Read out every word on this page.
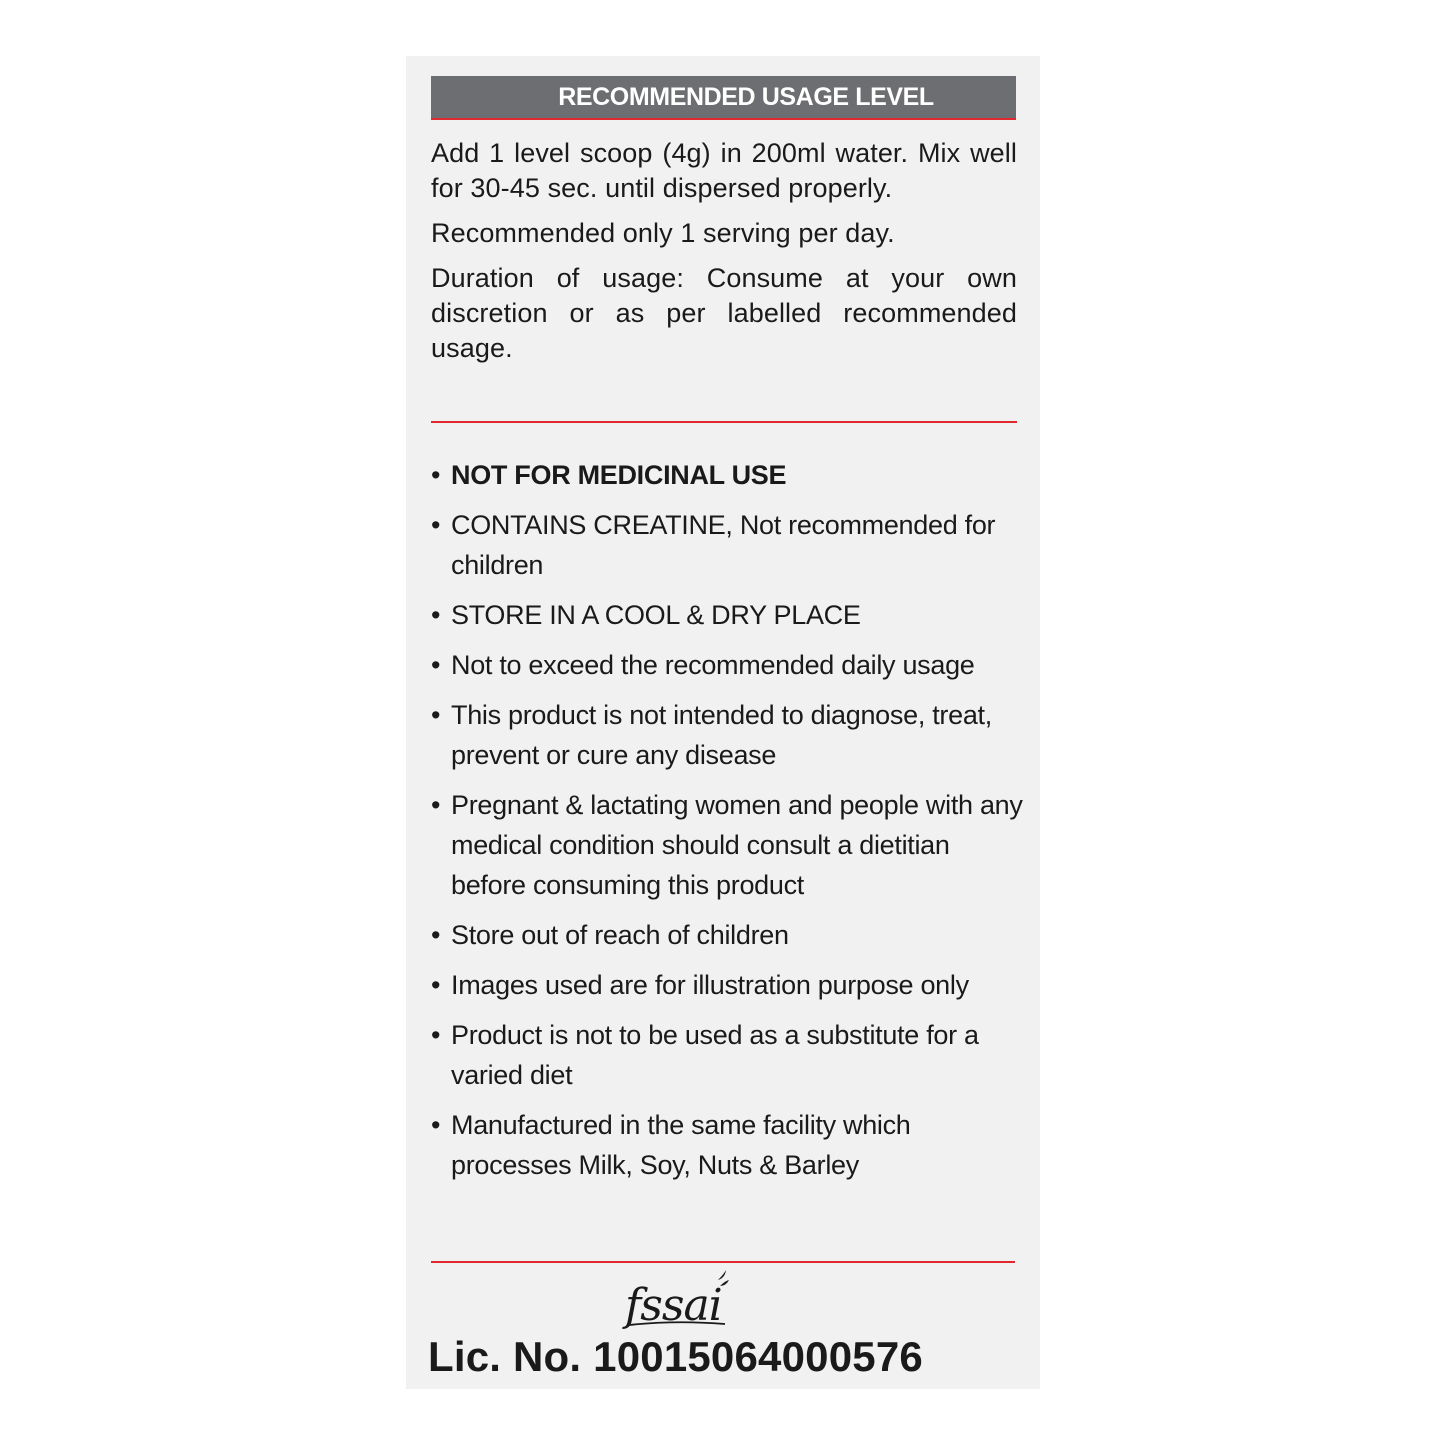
RECOMMENDED USAGE LEVEL

Add 1 level scoop (4g) in 200ml water. Mix well for 30-45 sec. until dispersed properly.

Recommended only 1 serving per day.

Duration of usage: Consume at your own discretion or as per labelled recommended usage.

• NOT FOR MEDICINAL USE
• CONTAINS CREATINE, Not recommended for children
• STORE IN A COOL & DRY PLACE
• Not to exceed the recommended daily usage
• This product is not intended to diagnose, treat, prevent or cure any disease
• Pregnant & lactating women and people with any medical condition should consult a dietitian before consuming this product
• Store out of reach of children
• Images used are for illustration purpose only
• Product is not to be used as a substitute for a varied diet
• Manufactured in the same facility which processes Milk, Soy, Nuts & Barley
fssai
Lic. No. 10015064000576
